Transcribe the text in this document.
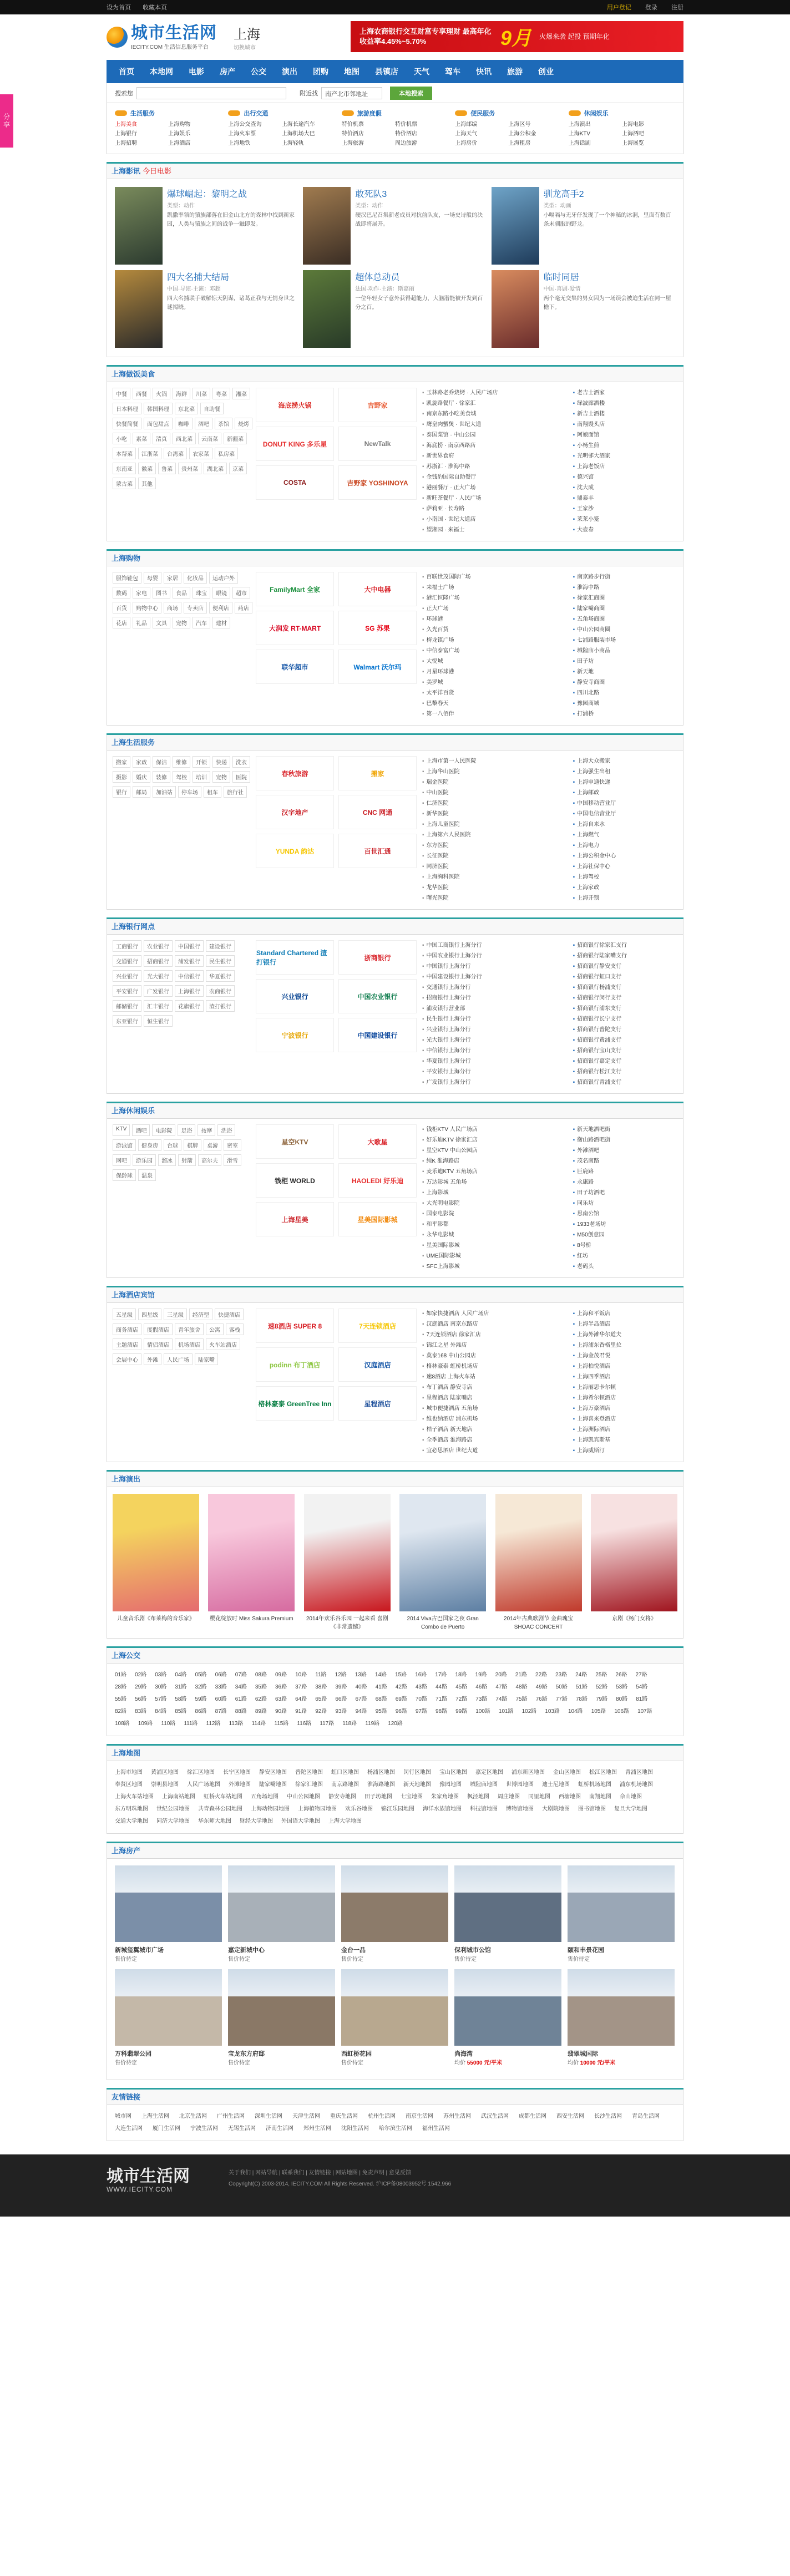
设为首页 收藏本页	用户登记 登录 注册
城市生活网
IECITY.COM 生活信息服务平台
上海
切换城市
上海农商银行交互财富专享理财 最高年化收益率4.45%~5.70%	9月 火爆来袭 起投 预期年化
首页	本地网	电影	房产	公交	演出	团购	地图	县镇店	天气	驾车	快讯	旅游	创业
搜索您	附近找	南产北市邻地址	本地搜索
生活服务
上海美食	上海购物
上海银行	上海娱乐
上海招聘	上海酒店
出行交通
上海公交查询	上海长途汽车
上海火车票	上海机场大巴
上海地铁	上海轻轨
旅游度假
特价机票	特价机票
特价酒店	特价酒店
上海旅游	周边旅游
便民服务
上海邮编	上海区号
上海天气	上海公积金
上海房价	上海租房
休闲娱乐
上海演出	上海电影
上海KTV	上海酒吧
上海话剧	上海展览
上海影讯 今日电影
爆球崛起：黎明之战
类型：动作
凯撒率领的猿族部落在旧金山北方的森林中找到新家园，人类与猿族之间的战争一触即发。
敢死队3
类型：动作
硬汉巴尼召集新老成员对抗前队友，一场史诗般的决战即将展开。
驯龙高手2
类型：动画
小嗝嗝与无牙仔发现了一个神秘的冰洞，里面有数百条未驯服的野龙。
四大名捕大结局
中国·导演·主演：邓超
四大名捕联手破解惊天阴谋，诸葛正我与无情身世之谜揭晓。
超体总动员
法国·动作·主演：斯嘉丽
一位年轻女子意外获得超能力，大脑潜能被开发到百分之百。
临时同居
中国·喜剧·爱情
两个毫无交集的男女因为一场误会被迫生活在同一屋檐下。
上海做饭美食
中餐	西餐	火锅	海鲜	川菜	粤菜	湘菜
日本料理	韩国料理	东北菜	自助餐
快餐简餐	面包甜点	咖啡	酒吧	茶馆	烧烤
小吃	素菜	清真	西北菜	云南菜	新疆菜
本帮菜	江浙菜	台湾菜	农家菜	私房菜
东南亚	徽菜	鲁菜	贵州菜	湖北菜	京菜
蒙古菜	其他
海底捞火锅	吉野家
DONUT KING 多乐星	NewTalk
COSTA	吉野家 YOSHINOYA
▪ 玉林路老乔烧烤 · 人民广场店
▪ 凯旋路餐厅 · 徐家汇
▪ 南京东路小吃美食城
▪ 鹰皇肉蟹煲 · 世纪大道
▪ 泰国菜馆 · 中山公园
▪ 海底捞 · 南京西路店
▪ 新世界食府
▪ 苏浙汇 · 淮海中路
▪ 金钱豹国际自助餐厅
▪ 港丽餐厅 · 正大广场
▪ 新旺茶餐厅 · 人民广场
▪ 萨莉亚 · 长寿路
▪ 小南国 · 世纪大道店
▪ 望湘园 · 来福士
▪ 老吉士酒家
▪ 绿波廊酒楼
▪ 新吉士酒楼
▪ 南翔馒头店
▪ 阿娘面馆
▪ 小杨生煎
▪ 光明邨大酒家
▪ 上海老饭店
▪ 德兴馆
▪ 沈大成
▪ 鼎泰丰
▪ 王家沙
▪ 莱莱小笼
▪ 大壶春
上海购物
服饰鞋包	母婴	家居	化妆品	运动户外
数码	家电	图书	食品	珠宝	眼镜	超市
百货	购物中心	商场	专卖店	便利店	药店
花店	礼品	文具	宠物	汽车	建材
FamilyMart 全家	大中电器
大润发 RT-MART	SG 苏果
联华超市	Walmart 沃尔玛
▪ 百联世茂国际广场
▪ 来福士广场
▪ 港汇恒隆广场
▪ 正大广场
▪ 环球港
▪ 久光百货
▪ 梅龙镇广场
▪ 中信泰富广场
▪ 大悦城
▪ 月星环球港
▪ 美罗城
▪ 太平洋百货
▪ 巴黎春天
▪ 第一八佰伴
▪ 南京路步行街
▪ 淮海中路
▪ 徐家汇商圈
▪ 陆家嘴商圈
▪ 五角场商圈
▪ 中山公园商圈
▪ 七浦路服装市场
▪ 城隍庙小商品
▪ 田子坊
▪ 新天地
▪ 静安寺商圈
▪ 四川北路
▪ 豫园商城
▪ 打浦桥
上海生活服务
搬家	家政	保洁	维修	开锁	快递	洗衣
摄影	婚庆	装修	驾校	培训	宠物	医院
银行	邮局	加油站	停车场	租车	旅行社
春秋旅游	搬家
汉字地产	CNC 网通
YUNDA 韵达	百世汇通
▪ 上海市第一人民医院
▪ 上海华山医院
▪ 瑞金医院
▪ 中山医院
▪ 仁济医院
▪ 新华医院
▪ 上海儿童医院
▪ 上海第六人民医院
▪ 东方医院
▪ 长征医院
▪ 同济医院
▪ 上海胸科医院
▪ 龙华医院
▪ 曙光医院
▪ 上海大众搬家
▪ 上海强生出租
▪ 上海申通快递
▪ 上海邮政
▪ 中国移动营业厅
▪ 中国电信营业厅
▪ 上海自来水
▪ 上海燃气
▪ 上海电力
▪ 上海公积金中心
▪ 上海社保中心
▪ 上海驾校
▪ 上海家政
▪ 上海开锁
上海银行网点
工商银行	农业银行	中国银行	建设银行
交通银行	招商银行	浦发银行	民生银行
兴业银行	光大银行	中信银行	华夏银行
平安银行	广发银行	上海银行	农商银行
邮储银行	汇丰银行	花旗银行	渣打银行
东亚银行	恒生银行
Standard Chartered 渣打银行
浙商银行
兴业银行	中国农业银行
宁波银行	中国建设银行
▪ 中国工商银行上海分行
▪ 中国农业银行上海分行
▪ 中国银行上海分行
▪ 中国建设银行上海分行
▪ 交通银行上海分行
▪ 招商银行上海分行
▪ 浦发银行营业部
▪ 民生银行上海分行
▪ 兴业银行上海分行
▪ 光大银行上海分行
▪ 中信银行上海分行
▪ 华夏银行上海分行
▪ 平安银行上海分行
▪ 广发银行上海分行
▪ 招商银行徐家汇支行
▪ 招商银行陆家嘴支行
▪ 招商银行静安支行
▪ 招商银行虹口支行
▪ 招商银行杨浦支行
▪ 招商银行闵行支行
▪ 招商银行浦东支行
▪ 招商银行长宁支行
▪ 招商银行普陀支行
▪ 招商银行黄浦支行
▪ 招商银行宝山支行
▪ 招商银行嘉定支行
▪ 招商银行松江支行
▪ 招商银行青浦支行
上海休闲娱乐
KTV	酒吧	电影院	足浴	按摩	洗浴
游泳馆	健身房	台球	棋牌	桌游	密室
网吧	游乐园	溜冰	射箭	高尔夫	滑雪
保龄球	温泉
星空KTV	大歌星
钱柜 WORLD	HAOLEDI 好乐迪
上海星美	星美国际影城
▪ 钱柜KTV 人民广场店
▪ 好乐迪KTV 徐家汇店
▪ 星空KTV 中山公园店
▪ 纯K 淮海路店
▪ 麦乐迪KTV 五角场店
▪ 万达影城 五角场
▪ 上海影城
▪ 大光明电影院
▪ 国泰电影院
▪ 和平影都
▪ 永华电影城
▪ 星美国际影城
▪ UME国际影城
▪ SFC上海影城
▪ 新天地酒吧街
▪ 衡山路酒吧街
▪ 外滩酒吧
▪ 茂名南路
▪ 巨鹿路
▪ 永康路
▪ 田子坊酒吧
▪ 同乐坊
▪ 思南公馆
▪ 1933老场坊
▪ M50创意园
▪ 8号桥
▪ 红坊
▪ 老码头
上海酒店宾馆
五星级	四星级	三星级	经济型	快捷酒店
商务酒店	度假酒店	青年旅舍	公寓	客栈
主题酒店	情侣酒店	机场酒店	火车站酒店
会展中心	外滩	人民广场	陆家嘴
速8酒店 SUPER 8	7天连锁酒店
podinn 布丁酒店	汉庭酒店
格林豪泰 GreenTree Inn	星程酒店
▪ 如家快捷酒店 人民广场店
▪ 汉庭酒店 南京东路店
▪ 7天连锁酒店 徐家汇店
▪ 锦江之星 外滩店
▪ 莫泰168 中山公园店
▪ 格林豪泰 虹桥机场店
▪ 速8酒店 上海火车站
▪ 布丁酒店 静安寺店
▪ 星程酒店 陆家嘴店
▪ 城市便捷酒店 五角场
▪ 维也纳酒店 浦东机场
▪ 桔子酒店 新天地店
▪ 全季酒店 淮海路店
▪ 宜必思酒店 世纪大道
▪ 上海和平饭店
▪ 上海半岛酒店
▪ 上海外滩华尔道夫
▪ 上海浦东香格里拉
▪ 上海金茂君悦
▪ 上海柏悦酒店
▪ 上海四季酒店
▪ 上海丽思卡尔顿
▪ 上海希尔顿酒店
▪ 上海万豪酒店
▪ 上海喜来登酒店
▪ 上海洲际酒店
▪ 上海凯宾斯基
▪ 上海威斯汀
上海演出
儿童音乐剧《布莱梅的音乐家》	樱花绽放时 Miss Sakura Premium	2014年欢乐谷乐园 一起来看 喜剧《非常遗憾》
2014 Viva古巴国家之夜 Gran Combo de Puerto
2014年古典歌剧节 金曲瑰宝 SHOAC CONCERT
京剧《杨门女将》
上海公交
01路 02路 03路 04路 05路 06路 07路 08路 09路 10路 11路 12路 13路 14路 15路 16路 17路 18路 19路 20路 21路 22路 23路 24路 25路 26路 27路
28路 29路 30路 31路 32路 33路 34路 35路 36路 37路 38路 39路 40路 41路 42路 43路 44路 45路 46路 47路 48路 49路 50路 51路 52路 53路 54路
55路 56路 57路 58路 59路 60路 61路 62路 63路 64路 65路 66路 67路 68路 69路 70路 71路 72路 73路 74路 75路 76路 77路 78路 79路 80路 81路
82路 83路 84路 85路 86路 87路 88路 89路 90路 91路 92路 93路 94路 95路 96路 97路 98路 99路 100路 101路 102路 103路 104路 105路 106路 107路
108路 109路 110路 111路 112路 113路 114路 115路 116路 117路 118路 119路 120路
上海地图
上海市地图 黄浦区地图 徐汇区地图 长宁区地图 静安区地图 普陀区地图 虹口区地图 杨浦区地图 闵行区地图 宝山区地图 嘉定区地图 浦东新区地图 金山区地图 松江区地图 青浦区地图
奉贤区地图 崇明县地图 人民广场地图 外滩地图 陆家嘴地图 徐家汇地图 南京路地图 淮海路地图 新天地地图 豫园地图 城隍庙地图 世博园地图 迪士尼地图 虹桥机场地图 浦东机场地图
上海火车站地图 上海南站地图 虹桥火车站地图 五角场地图 中山公园地图 静安寺地图 田子坊地图 七宝地图 朱家角地图 枫泾地图 周庄地图 同里地图 西塘地图 南翔地图 佘山地图
东方明珠地图 世纪公园地图 共青森林公园地图 上海动物园地图 上海植物园地图 欢乐谷地图 锦江乐园地图 海洋水族馆地图 科技馆地图 博物馆地图 大剧院地图 图书馆地图 复旦大学地图
交通大学地图 同济大学地图 华东师大地图 财经大学地图 外国语大学地图 上海大学地图
上海房产
新城玺翼城市广场
售价待定
嘉定新城中心
售价待定
金台一品
售价待定
保利城市公馆
售价待定
颐和丰景花园
售价待定
万科翡翠公园
售价待定
宝龙东方府邸
售价待定
西虹桥花园
售价待定
尚海湾
均价 55000 元/平米
翡翠城国际
均价 10000 元/平米
友情链接
城市网 上海生活网 北京生活网 广州生活网 深圳生活网 天津生活网 重庆生活网 杭州生活网 南京生活网 苏州生活网 武汉生活网 成都生活网 西安生活网 长沙生活网 青岛生活网
大连生活网 厦门生活网 宁波生活网 无锡生活网 济南生活网 郑州生活网 沈阳生活网 哈尔滨生活网 福州生活网
分享
城市生活网
WWW.IECITY.COM
关于我们 | 网站导航 | 联系我们 | 友情链接 | 网站地图 | 免责声明 | 意见反馈
Copyright(C) 2003-2014, IECITY.COM All Rights Reserved. 沪ICP备08003952号 1542.966
